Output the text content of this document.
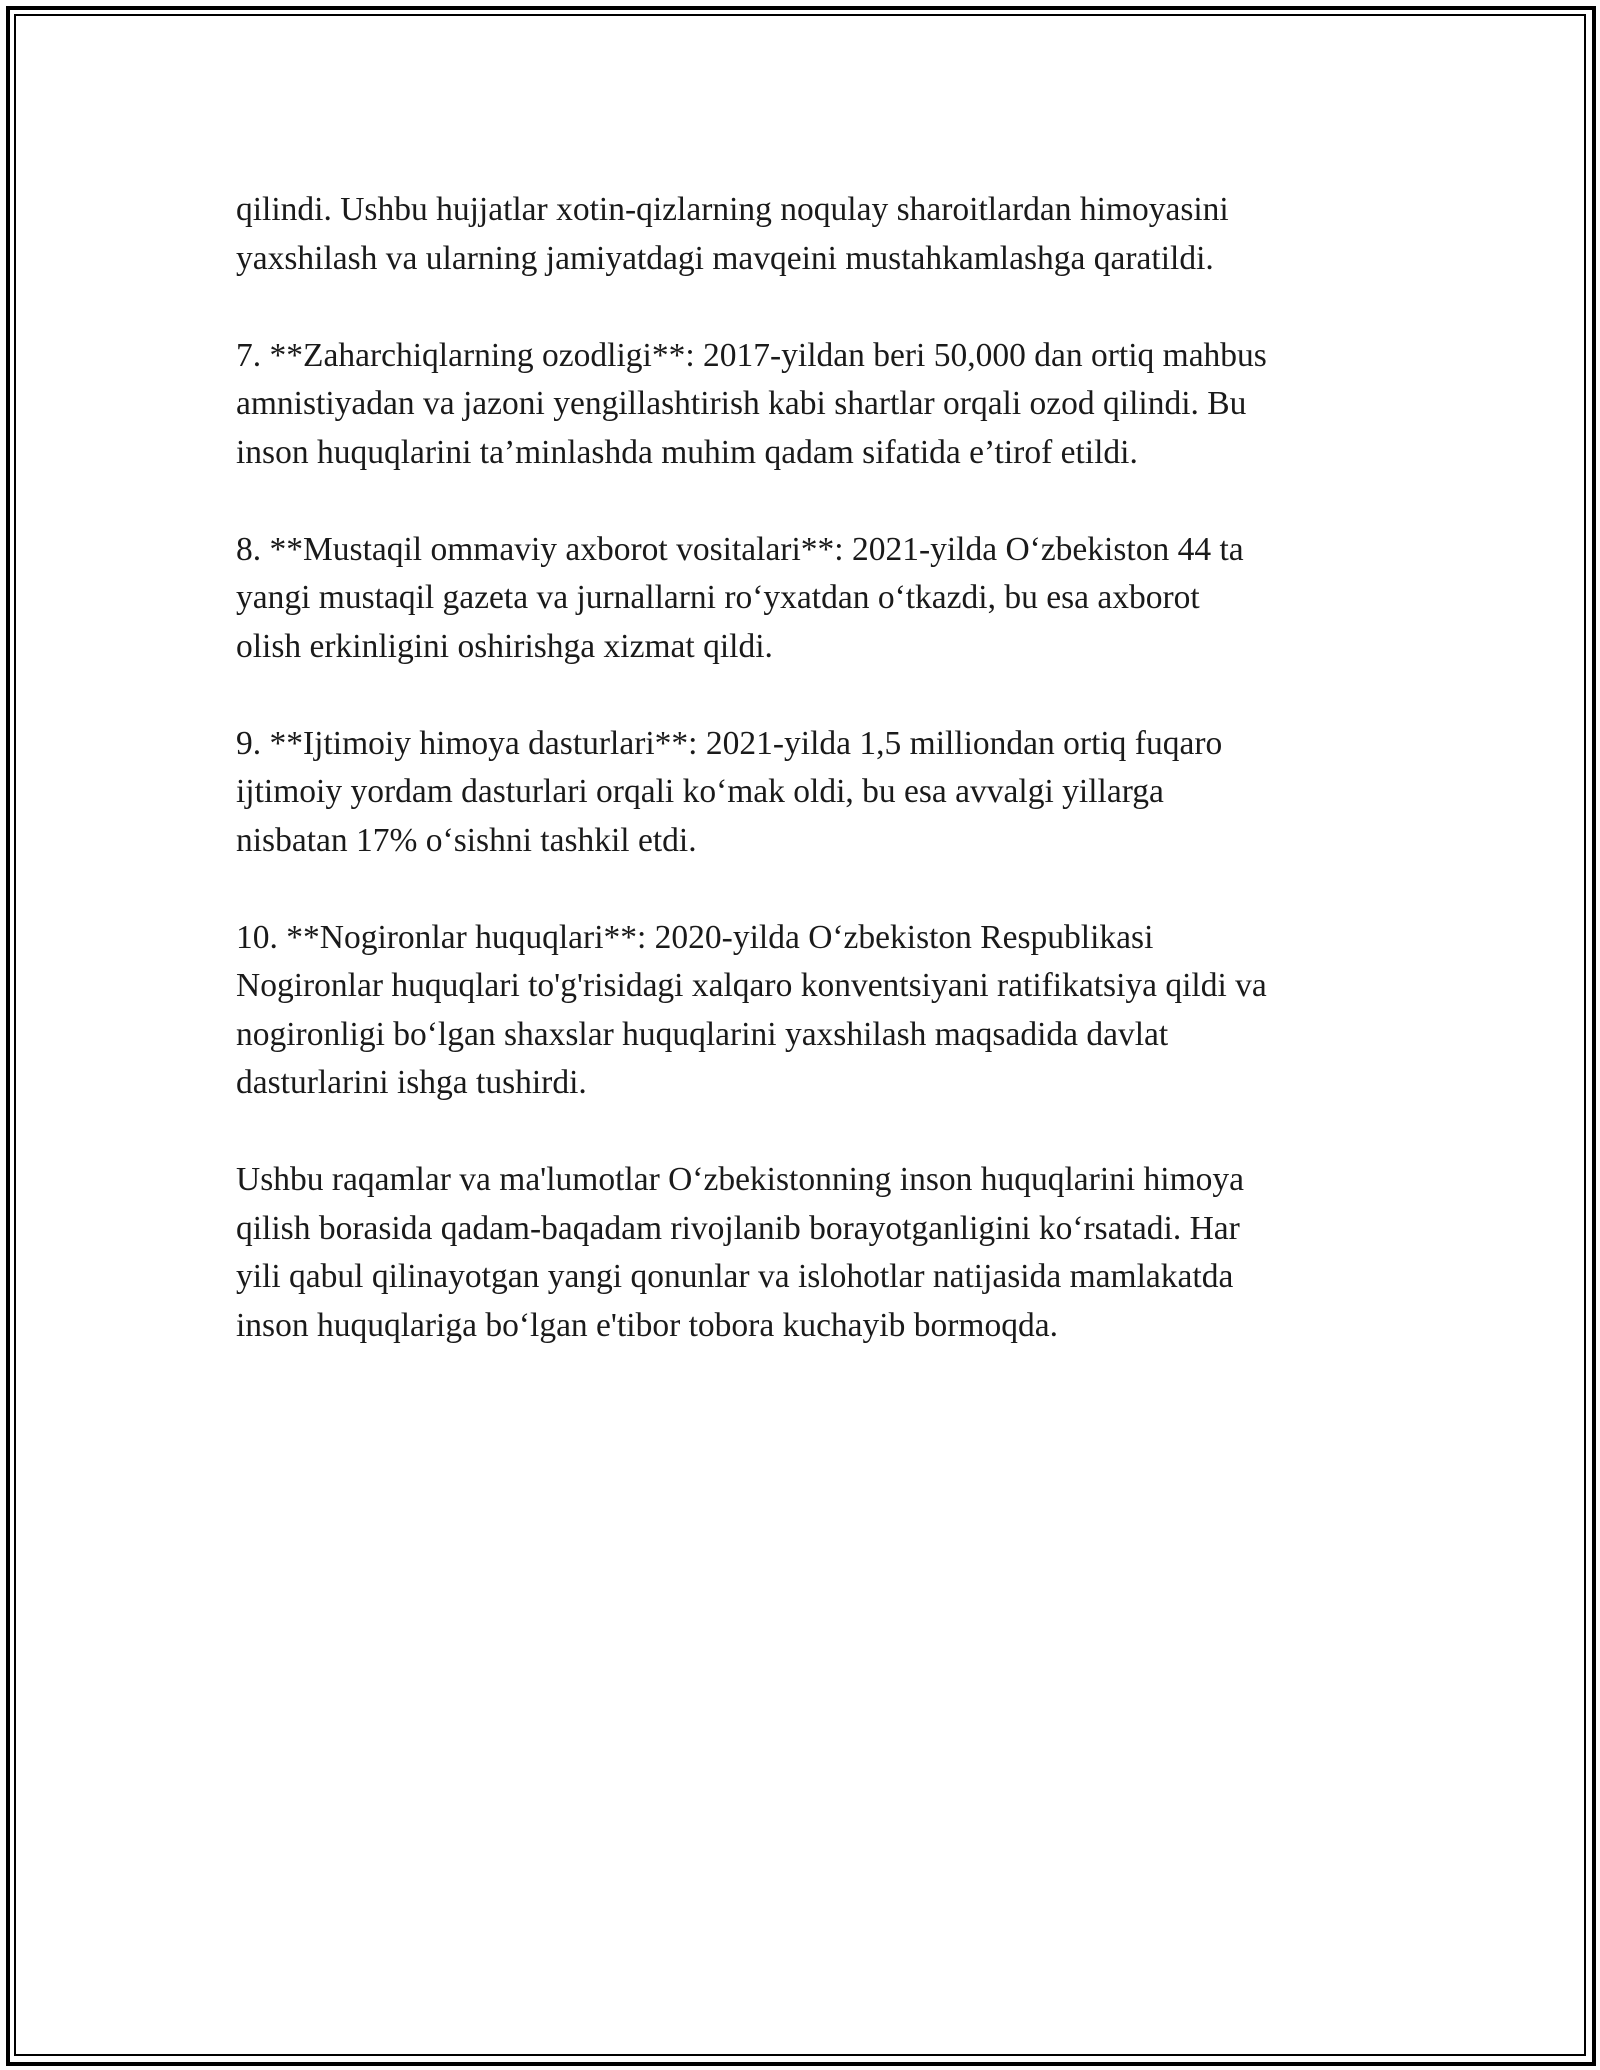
qilindi. Ushbu hujjatlar xotin-qizlarning noqulay sharoitlardan himoyasini
yaxshilash va ularning jamiyatdagi mavqeini mustahkamlashga qaratildi.

7. **Zaharchiqlarning ozodligi**: 2017-yildan beri 50,000 dan ortiq mahbus
amnistiyadan va jazoni yengillashtirish kabi shartlar orqali ozod qilindi. Bu
inson huquqlarini ta’minlashda muhim qadam sifatida e’tirof etildi.

8. **Mustaqil ommaviy axborot vositalari**: 2021-yilda O‘zbekiston 44 ta
yangi mustaqil gazeta va jurnallarni ro‘yxatdan o‘tkazdi, bu esa axborot
olish erkinligini oshirishga xizmat qildi.

9. **Ijtimoiy himoya dasturlari**: 2021-yilda 1,5 milliondan ortiq fuqaro
ijtimoiy yordam dasturlari orqali ko‘mak oldi, bu esa avvalgi yillarga
nisbatan 17% o‘sishni tashkil etdi.

10. **Nogironlar huquqlari**: 2020-yilda O‘zbekiston Respublikasi
Nogironlar huquqlari to'g'risidagi xalqaro konventsiyani ratifikatsiya qildi va
nogironligi bo‘lgan shaxslar huquqlarini yaxshilash maqsadida davlat
dasturlarini ishga tushirdi.

Ushbu raqamlar va ma'lumotlar O‘zbekistonning inson huquqlarini himoya
qilish borasida qadam-baqadam rivojlanib borayotganligini ko‘rsatadi. Har
yili qabul qilinayotgan yangi qonunlar va islohotlar natijasida mamlakatda
inson huquqlariga bo‘lgan e'tibor tobora kuchayib bormoqda.
